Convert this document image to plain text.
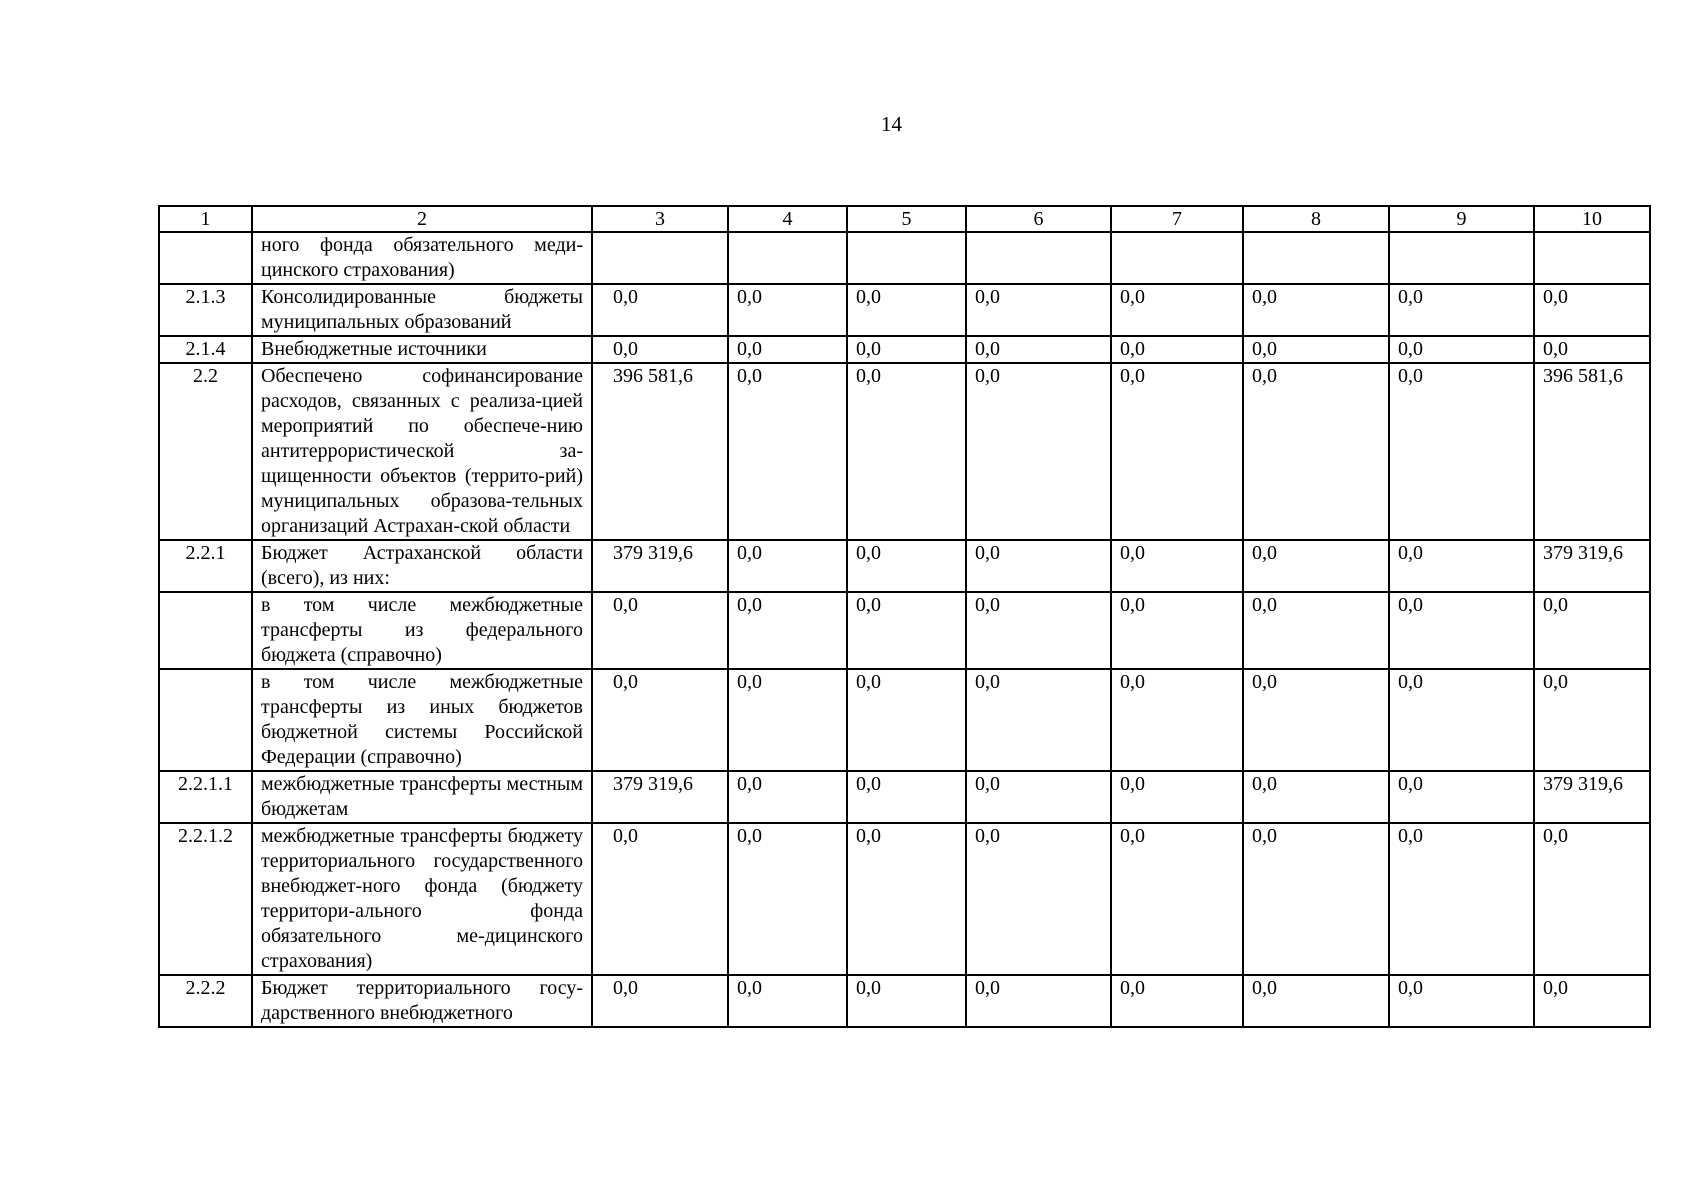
14
1	2	3	4	5	6	7	8	9	10
	ного фонда обязательного меди-цинского страхования)								
2.1.3	Консолидированные бюджеты муниципальных образований	0,0	0,0	0,0	0,0	0,0	0,0	0,0	0,0
2.1.4	Внебюджетные источники	0,0	0,0	0,0	0,0	0,0	0,0	0,0	0,0
2.2	Обеспечено софинансирование расходов, связанных с реализа-цией мероприятий по обеспече-нию антитеррористической за-щищенности объектов (террито-рий) муниципальных образова-тельных организаций Астрахан-ской области	396 581,6	0,0	0,0	0,0	0,0	0,0	0,0	396 581,6
2.2.1	Бюджет Астраханской области (всего), из них:	379 319,6	0,0	0,0	0,0	0,0	0,0	0,0	379 319,6
	в том числе межбюджетные трансферты из федерального бюджета (справочно)	0,0	0,0	0,0	0,0	0,0	0,0	0,0	0,0
	в том числе межбюджетные трансферты из иных бюджетов бюджетной системы Российской Федерации (справочно)	0,0	0,0	0,0	0,0	0,0	0,0	0,0	0,0
2.2.1.1	межбюджетные трансферты местным бюджетам	379 319,6	0,0	0,0	0,0	0,0	0,0	0,0	379 319,6
2.2.1.2	межбюджетные трансферты бюджету территориального государственного внебюджет-ного фонда (бюджету территори-ального фонда обязательного ме-дицинского страхования)	0,0	0,0	0,0	0,0	0,0	0,0	0,0	0,0
2.2.2	Бюджет территориального госу-дарственного внебюджетного	0,0	0,0	0,0	0,0	0,0	0,0	0,0	0,0
